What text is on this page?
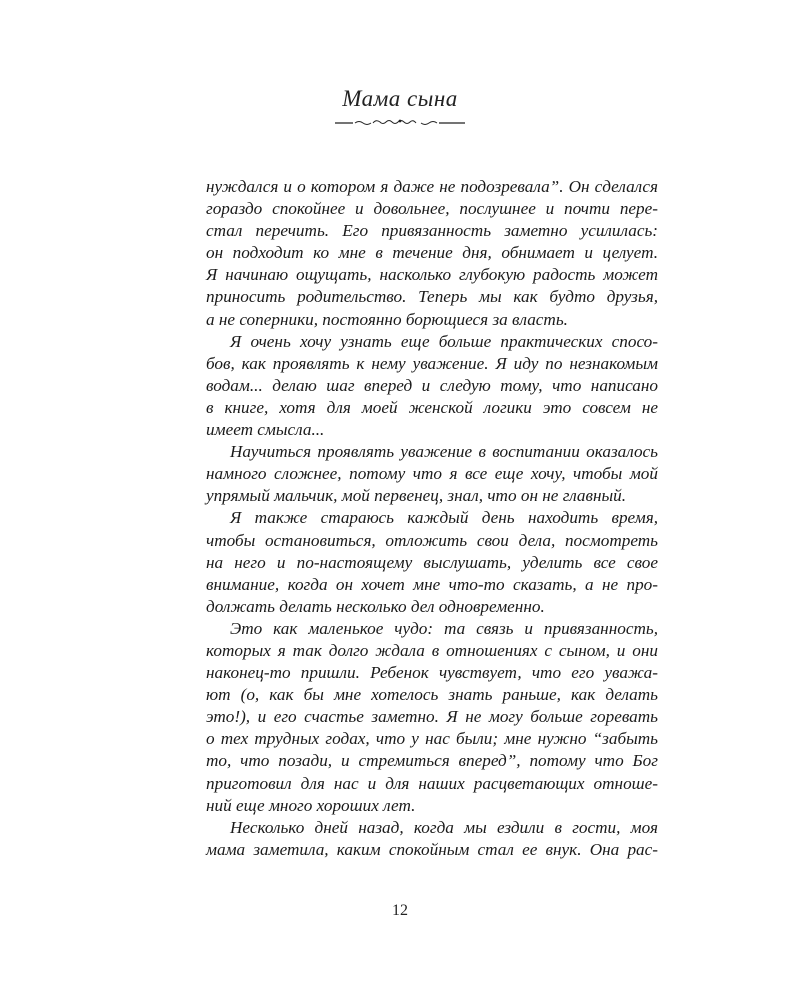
Мама сына
нуждался и о котором я даже не подозревала”. Он сделался
гораздо спокойнее и довольнее, послушнее и почти пере-
стал перечить. Его привязанность заметно усилилась:
он подходит ко мне в течение дня, обнимает и целует.
Я начинаю ощущать, насколько глубокую радость может
приносить родительство. Теперь мы как будто друзья,
а не соперники, постоянно борющиеся за власть.
Я очень хочу узнать еще больше практических спосо-
бов, как проявлять к нему уважение. Я иду по незнакомым
водам... делаю шаг вперед и следую тому, что написано
в книге, хотя для моей женской логики это совсем не
имеет смысла...
Научиться проявлять уважение в воспитании оказалось
намного сложнее, потому что я все еще хочу, чтобы мой
упрямый мальчик, мой первенец, знал, что он не главный.
Я также стараюсь каждый день находить время,
чтобы остановиться, отложить свои дела, посмотреть
на него и по-настоящему выслушать, уделить все свое
внимание, когда он хочет мне что-то сказать, а не про-
должать делать несколько дел одновременно.
Это как маленькое чудо: та связь и привязанность,
которых я так долго ждала в отношениях с сыном, и они
наконец-то пришли. Ребенок чувствует, что его уважа-
ют (о, как бы мне хотелось знать раньше, как делать
это!), и его счастье заметно. Я не могу больше горевать
о тех трудных годах, что у нас были; мне нужно “забыть
то, что позади, и стремиться вперед”, потому что Бог
приготовил для нас и для наших расцветающих отноше-
ний еще много хороших лет.
Несколько дней назад, когда мы ездили в гости, моя
мама заметила, каким спокойным стал ее внук. Она рас-
12
